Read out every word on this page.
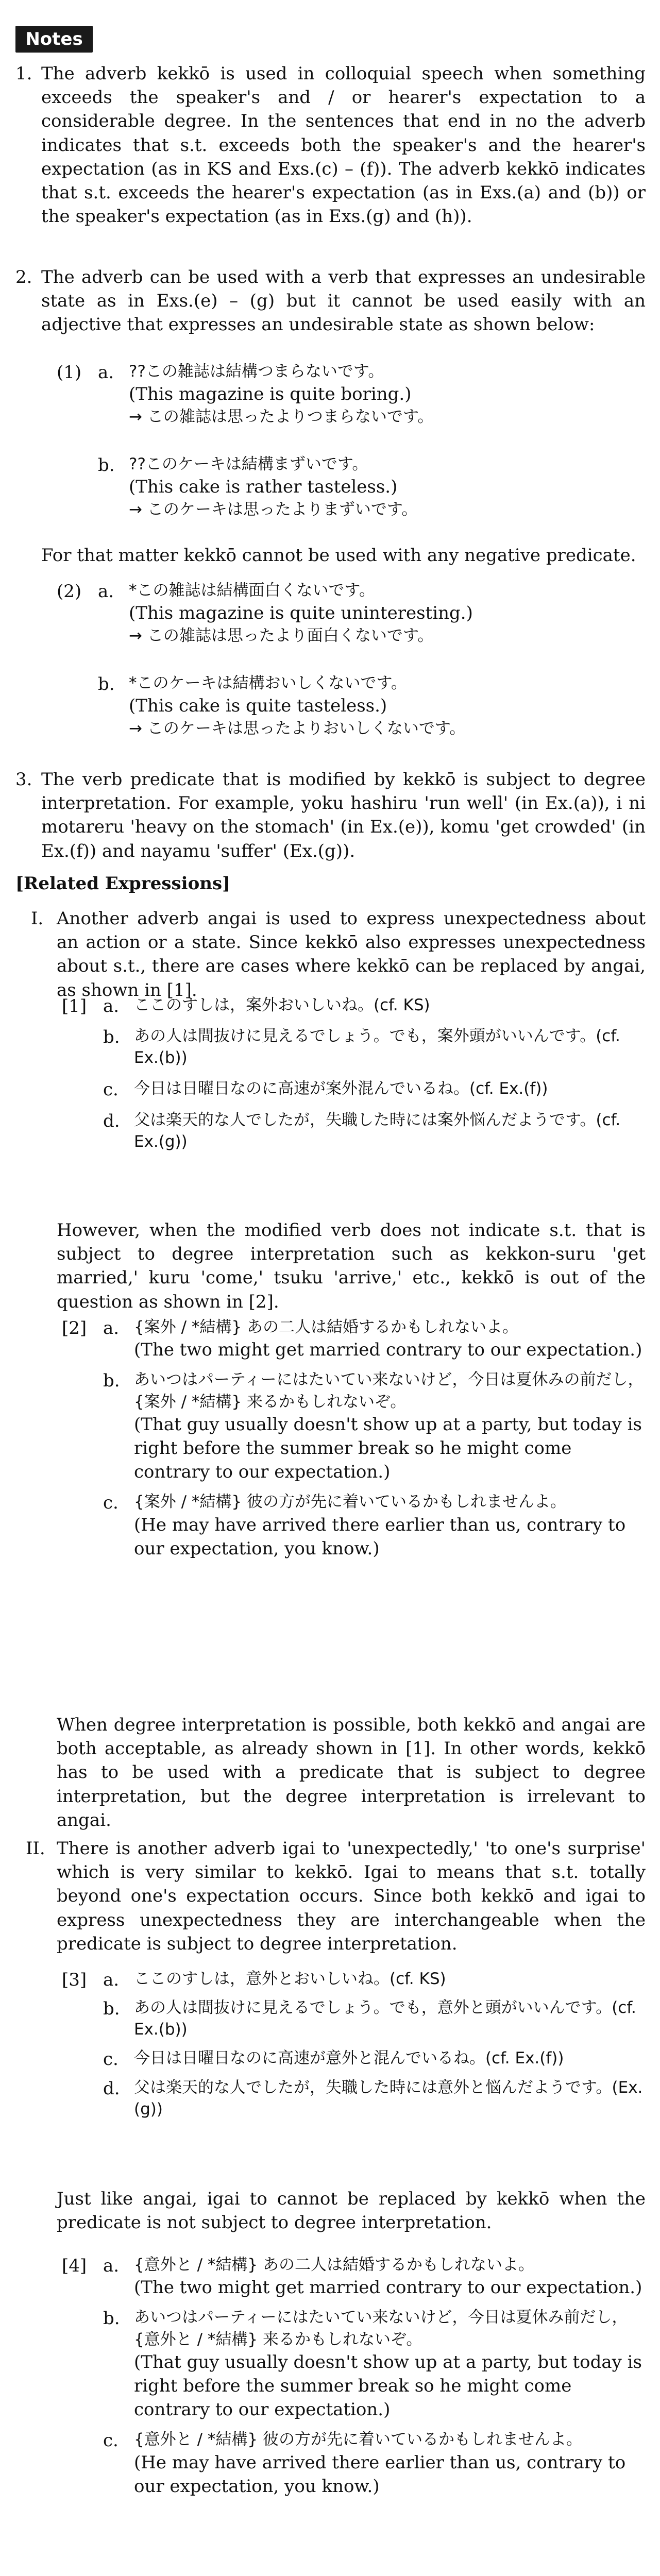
Notes
1. The adverb kekkō is used in colloquial speech when something exceeds the speaker's and / or hearer's expectation to a considerable degree. In the sentences that end in no the adverb indicates that s.t. exceeds both the speaker's and the hearer's expectation (as in KS and Exs.(c) – (f)). The adverb kekkō indicates that s.t. exceeds the hearer's expectation (as in Exs.(a) and (b)) or the speaker's expectation (as in Exs.(g) and (h)).
2. The adverb can be used with a verb that expresses an undesirable state as in Exs.(e) – (g) but it cannot be used easily with an adjective that expresses an undesirable state as shown below:
(1) a. ??この雑誌は結構つまらないです。
(This magazine is quite boring.)
→ この雑誌は思ったよりつまらないです。
b. ??このケーキは結構まずいです。
(This cake is rather tasteless.)
→ このケーキは思ったよりまずいです。
For that matter kekkō cannot be used with any negative predicate.
(2) a. *この雑誌は結構面白くないです。
(This magazine is quite uninteresting.)
→ この雑誌は思ったより面白くないです。
b. *このケーキは結構おいしくないです。
(This cake is quite tasteless.)
→ このケーキは思ったよりおいしくないです。
3. The verb predicate that is modified by kekkō is subject to degree interpretation. For example, yoku hashiru 'run well' (in Ex.(a)), i ni motareru 'heavy on the stomach' (in Ex.(e)), komu 'get crowded' (in Ex.(f)) and nayamu 'suffer' (Ex.(g)).
[Related Expressions]
I. Another adverb angai is used to express unexpectedness about an action or a state. Since kekkō also expresses unexpectedness about s.t., there are cases where kekkō can be replaced by angai, as shown in [1].
[1] a. ここのすしは，案外おいしいね。(cf. KS)
b. あの人は間抜けに見えるでしょう。でも，案外頭がいいんです。(cf. Ex.(b))
c. 今日は日曜日なのに高速が案外混んでいるね。(cf. Ex.(f))
d. 父は楽天的な人でしたが，失職した時には案外悩んだようです。(cf. Ex.(g))
However, when the modified verb does not indicate s.t. that is subject to degree interpretation such as kekkon-suru 'get married,' kuru 'come,' tsuku 'arrive,' etc., kekkō is out of the question as shown in [2].
[2] a. {案外 / *結構} あの二人は結婚するかもしれないよ。
(The two might get married contrary to our expectation.)
b. あいつはパーティーにはたいてい来ないけど，今日は夏休みの前だし，{案外 / *結構} 来るかもしれないぞ。
(That guy usually doesn't show up at a party, but today is right before the summer break so he might come contrary to our expectation.)
c. {案外 / *結構} 彼の方が先に着いているかもしれませんよ。
(He may have arrived there earlier than us, contrary to our expectation, you know.)
When degree interpretation is possible, both kekkō and angai are both acceptable, as already shown in [1]. In other words, kekkō has to be used with a predicate that is subject to degree interpretation, but the degree interpretation is irrelevant to angai.
II. There is another adverb igai to 'unexpectedly,' 'to one's surprise' which is very similar to kekkō. Igai to means that s.t. totally beyond one's expectation occurs. Since both kekkō and igai to express unexpectedness they are interchangeable when the predicate is subject to degree interpretation.
[3] a. ここのすしは，意外とおいしいね。(cf. KS)
b. あの人は間抜けに見えるでしょう。でも，意外と頭がいいんです。(cf. Ex.(b))
c. 今日は日曜日なのに高速が意外と混んでいるね。(cf. Ex.(f))
d. 父は楽天的な人でしたが，失職した時には意外と悩んだようです。(Ex.(g))
Just like angai, igai to cannot be replaced by kekkō when the predicate is not subject to degree interpretation.
[4] a. {意外と / *結構} あの二人は結婚するかもしれないよ。
(The two might get married contrary to our expectation.)
b. あいつはパーティーにはたいてい来ないけど，今日は夏休み前だし，{意外と / *結構} 来るかもしれないぞ。
(That guy usually doesn't show up at a party, but today is right before the summer break so he might come contrary to our expectation.)
c. {意外と / *結構} 彼の方が先に着いているかもしれませんよ。
(He may have arrived there earlier than us, contrary to our expectation, you know.)
